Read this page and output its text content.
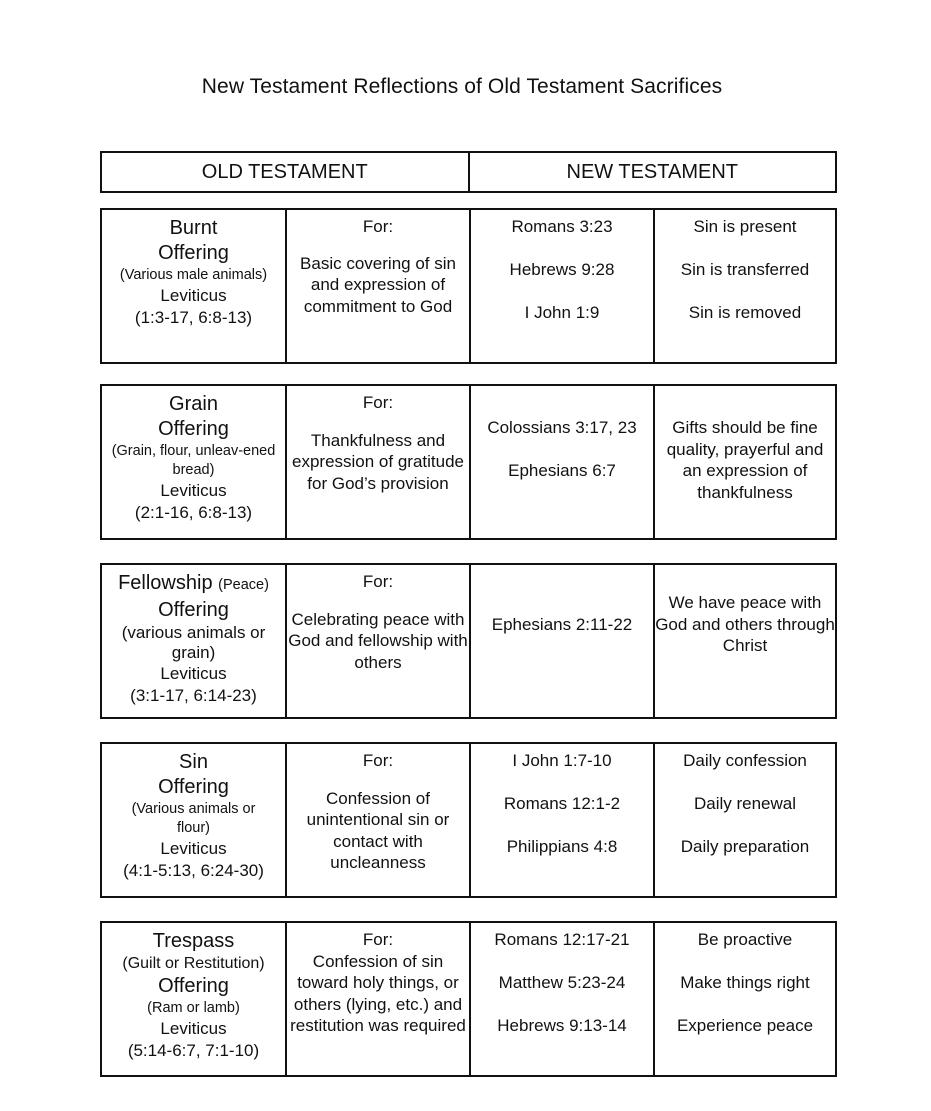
New Testament Reflections of Old Testament Sacrifices
OLD TESTAMENT	NEW TESTAMENT
Burnt
Offering
(Various male animals)
Leviticus
(1:3-17, 6:8-13)
For:
Basic covering of sin and expression of commitment to God
Romans 3:23
Hebrews 9:28
I John 1:9
Sin is present
Sin is transferred
Sin is removed
Grain
Offering
(Grain, flour, unleav-ened bread)
Leviticus
(2:1-16, 6:8-13)
For:
Thankfulness and expression of gratitude for God’s provision
Colossians 3:17, 23
Ephesians 6:7
Gifts should be fine quality, prayerful and an expression of thankfulness
Fellowship (Peace)
Offering
(various animals or grain)
Leviticus
(3:1-17, 6:14-23)
For:
Celebrating peace with God and fellowship with others
Ephesians 2:11-22
We have peace with God and others through Christ
Sin
Offering
(Various animals or flour)
Leviticus
(4:1-5:13, 6:24-30)
For:
Confession of unintentional sin or contact with uncleanness
I John 1:7-10
Romans 12:1-2
Philippians 4:8
Daily confession
Daily renewal
Daily preparation
Trespass
(Guilt or Restitution)
Offering
(Ram or lamb)
Leviticus
(5:14-6:7, 7:1-10)
For:
Confession of sin toward holy things, or others (lying, etc.) and restitution was required
Romans 12:17-21
Matthew 5:23-24
Hebrews 9:13-14
Be proactive
Make things right
Experience peace
